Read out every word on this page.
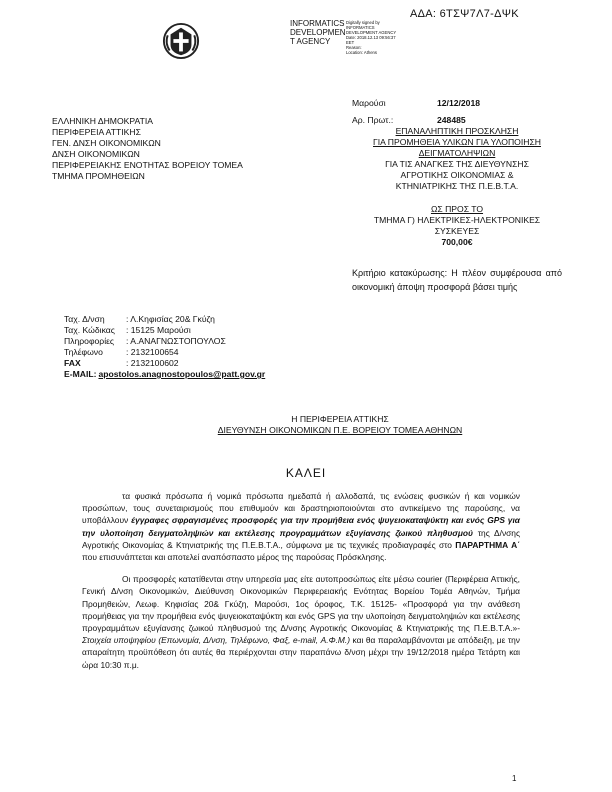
ΑΔΑ: 6ΤΣΨ7Λ7-ΔΨΚ
INFORMATICS
DEVELOPMEN
T AGENCY
Digitally signed by
INFORMATICS
DEVELOPMENT AGENCY
Date: 2018.12.13 09:56:37
EET
Reason:
Location: Athens
ΕΛΛΗΝΙΚΗ ΔΗΜΟΚΡΑΤΙΑ
ΠΕΡΙΦΕΡΕΙΑ ΑΤΤΙΚΗΣ
ΓΕΝ. ΔΝΣΗ ΟΙΚΟΝΟΜΙΚΩΝ
ΔΝΣΗ ΟΙΚΟΝΟΜΙΚΩΝ
ΠΕΡΙΦΕΡΕΙΑΚΗΣ ΕΝΟΤΗΤΑΣ ΒΟΡΕΙΟΥ ΤΟΜΕΑ
ΤΜΗΜΑ ΠΡΟΜΗΘΕΙΩΝ
Μαρούσι	12/12/2018
Αρ. Πρωτ.:	248485
ΕΠΑΝΑΛΗΠΤΙΚΗ ΠΡΟΣΚΛΗΣΗ
ΓΙΑ ΠΡΟΜΗΘΕΙΑ ΥΛΙΚΩΝ ΓΙΑ ΥΛΟΠΟΙΗΣΗ
ΔΕΙΓΜΑΤΟΛΗΨΙΩΝ
ΓΙΑ ΤΙΣ ΑΝΑΓΚΕΣ ΤΗΣ ΔΙΕΥΘΥΝΣΗΣ
ΑΓΡΟΤΙΚΗΣ ΟΙΚΟΝΟΜΙΑΣ &
ΚΤΗΝΙΑΤΡΙΚΗΣ ΤΗΣ Π.Ε.Β.Τ.Α.
ΩΣ ΠΡΟΣ ΤΟ
ΤΜΗΜΑ Γ) ΗΛΕΚΤΡΙΚΕΣ-ΗΛΕΚΤΡΟΝΙΚΕΣ
ΣΥΣΚΕΥΕΣ
700,00€
Κριτήριο κατακύρωσης: Η πλέον συμφέρουσα από οικονομική άποψη προσφορά βάσει τιμής
Ταχ. Δ/νση	: Λ.Κηφισίας 20& Γκύζη
Ταχ. Κώδικας	: 15125 Μαρούσι
Πληροφορίες	: Α.ΑΝΑΓΝΩΣΤΟΠΟΥΛΟΣ
Τηλέφωνο	: 2132100654
FAX	: 2132100602
E-MAIL: apostolos.anagnostopoulos@patt.gov.gr
Η ΠΕΡΙΦΕΡΕΙΑ ΑΤΤΙΚΗΣ
ΔΙΕΥΘΥΝΣΗ ΟΙΚΟΝΟΜΙΚΩΝ Π.Ε. ΒΟΡΕΙΟΥ ΤΟΜΕΑ ΑΘΗΝΩΝ
ΚΑΛΕΙ

τα φυσικά πρόσωπα ή νομικά πρόσωπα ημεδαπά ή αλλοδαπά, τις ενώσεις φυσικών ή και νομικών προσώπων, τους συνεταιρισμούς που επιθυμούν και δραστηριοποιούνται στο αντικείμενο της παρούσης, να υποβάλλουν έγγραφες σφραγισμένες προσφορές για την προμήθεια ενός ψυγειοκαταψύκτη και ενός GPS για την υλοποίηση δειγματοληψιών και εκτέλεσης προγραμμάτων εξυγίανσης ζωικού πληθυσμού της Δ/νσης Αγροτικής Οικονομίας & Κτηνιατρικής της Π.Ε.Β.Τ.Α., σύμφωνα με τις τεχνικές προδιαγραφές στο ΠΑΡΑΡΤΗΜΑ Α΄ που επισυνάπτεται και αποτελεί αναπόσπαστο μέρος της παρούσας Πρόσκλησης.

Οι προσφορές κατατίθενται στην υπηρεσία μας είτε αυτοπροσώπως είτε μέσω courier (Περιφέρεια Αττικής, Γενική Δ/νση Οικονομικών, Διεύθυνση Οικονομικών Περιφερειακής Ενότητας Βορείου Τομέα Αθηνών, Τμήμα Προμηθειών, Λεωφ. Κηφισίας 20& Γκύζη, Μαρούσι, 1ος όροφος, Τ.Κ. 15125- «Προσφορά για την ανάθεση προμήθειας για την προμήθεια ενός ψυγειοκαταψύκτη και ενός GPS για την υλοποίηση δειγματοληψιών και εκτέλεσης προγραμμάτων εξυγίανσης ζωικού πληθυσμού της Δ/νσης Αγροτικής Οικονομίας & Κτηνιατρικής της Π.Ε.Β.Τ.Α.»- Στοιχεία υποψηφίου (Επωνυμία, Δ/νση, Τηλέφωνο, Φαξ, e-mail, Α.Φ.Μ.) και θα παραλαμβάνονται με απόδειξη, με την απαραίτητη προϋπόθεση ότι αυτές θα περιέρχονται στην παραπάνω δ/νση μέχρι την 19/12/2018 ημέρα Τετάρτη και ώρα 10:30 π.μ.

1
